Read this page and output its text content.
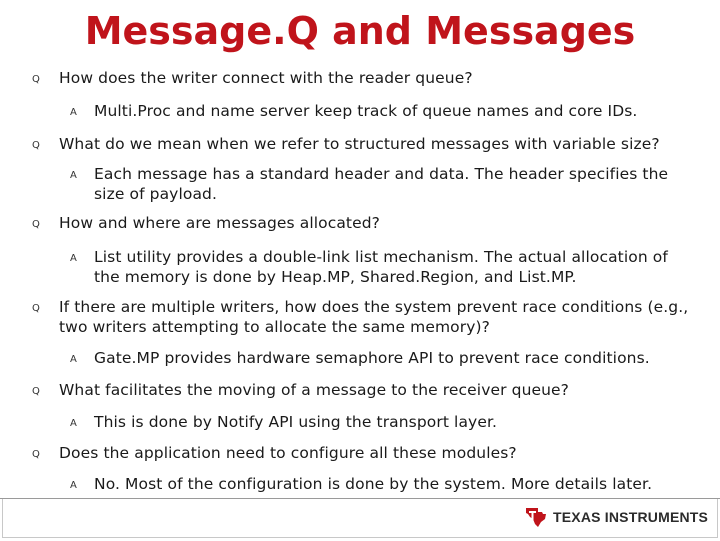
Message.Q and Messages
Q How does the writer connect with the reader queue?
A Multi.Proc and name server keep track of queue names and core IDs.
Q What do we mean when we refer to structured messages with variable size?
A Each message has a standard header and data. The header specifies the size of payload.
Q How and where are messages allocated?
A List utility provides a double-link list mechanism. The actual allocation of the memory is done by Heap.MP, Shared.Region, and List.MP.
Q If there are multiple writers, how does the system prevent race conditions (e.g., two writers attempting to allocate the same memory)?
A Gate.MP provides hardware semaphore API to prevent race conditions.
Q What facilitates the moving of a message to the receiver queue?
A This is done by Notify API using the transport layer.
Q Does the application need to configure all these modules?
A No. Most of the configuration is done by the system. More details later.
TEXAS INSTRUMENTS
